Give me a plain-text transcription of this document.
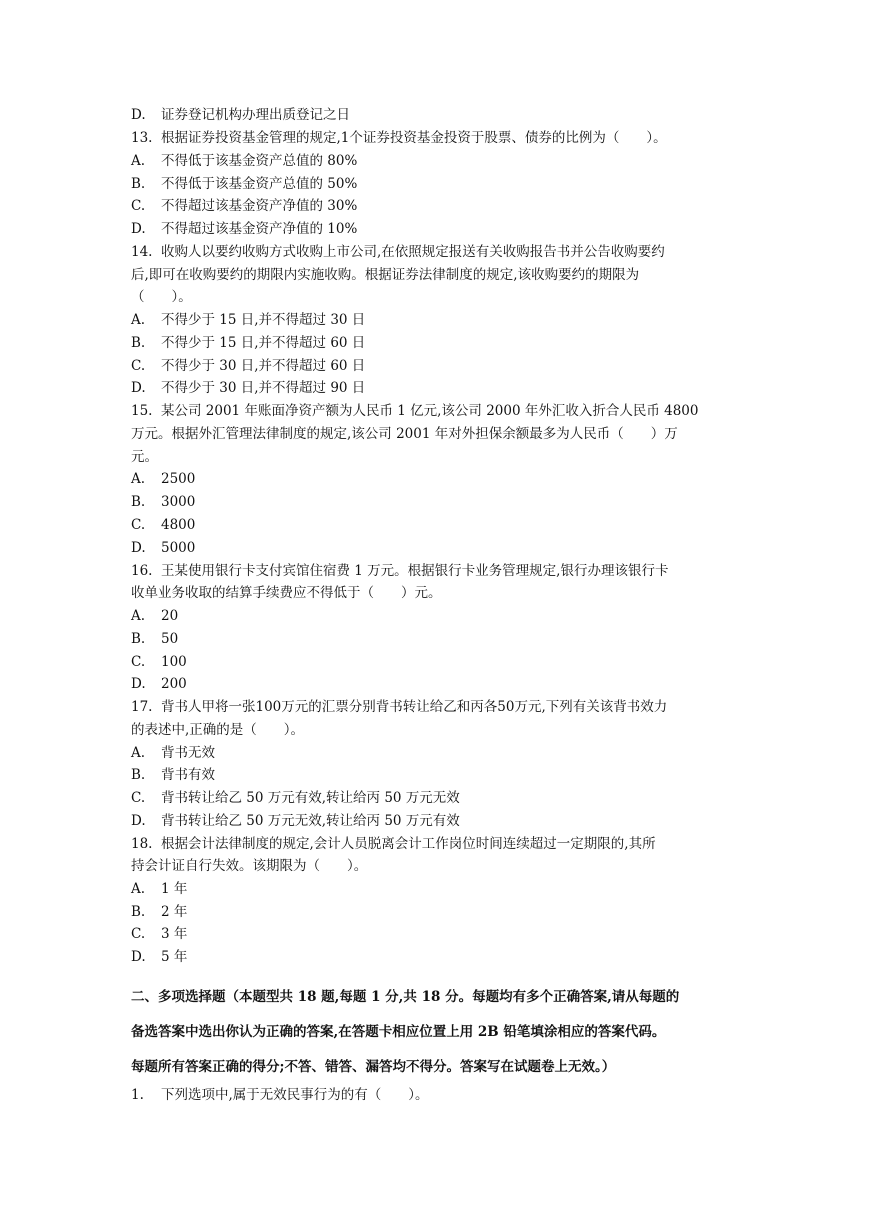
D. 证券登记机构办理出质登记之日
13. 根据证券投资基金管理的规定,1个证券投资基金投资于股票、债券的比例为（　　）。
A. 不得低于该基金资产总值的 80%
B. 不得低于该基金资产总值的 50%
C. 不得超过该基金资产净值的 30%
D. 不得超过该基金资产净值的 10%
14. 收购人以要约收购方式收购上市公司,在依照规定报送有关收购报告书并公告收购要约
后,即可在收购要约的期限内实施收购。根据证券法律制度的规定,该收购要约的期限为
（　　）。
A. 不得少于 15 日,并不得超过 30 日
B. 不得少于 15 日,并不得超过 60 日
C. 不得少于 30 日,并不得超过 60 日
D. 不得少于 30 日,并不得超过 90 日
15. 某公司 2001 年账面净资产额为人民币 1 亿元,该公司 2000 年外汇收入折合人民币 4800
万元。根据外汇管理法律制度的规定,该公司 2001 年对外担保余额最多为人民币（　　）万
元。
A. 2500
B. 3000
C. 4800
D. 5000
16. 王某使用银行卡支付宾馆住宿费 1 万元。根据银行卡业务管理规定,银行办理该银行卡
收单业务收取的结算手续费应不得低于（　　）元。
A. 20
B. 50
C. 100
D. 200
17. 背书人甲将一张100万元的汇票分别背书转让给乙和丙各50万元,下列有关该背书效力
的表述中,正确的是（　　）。
A. 背书无效
B. 背书有效
C. 背书转让给乙 50 万元有效,转让给丙 50 万元无效
D. 背书转让给乙 50 万元无效,转让给丙 50 万元有效
18. 根据会计法律制度的规定,会计人员脱离会计工作岗位时间连续超过一定期限的,其所
持会计证自行失效。该期限为（　　）。
A. 1 年
B. 2 年
C. 3 年
D. 5 年
二、多项选择题（本题型共 18 题,每题 1 分,共 18 分。每题均有多个正确答案,请从每题的
备选答案中选出你认为正确的答案,在答题卡相应位置上用 2B 铅笔填涂相应的答案代码。
每题所有答案正确的得分;不答、错答、漏答均不得分。答案写在试题卷上无效。）
1. 下列选项中,属于无效民事行为的有（　　）。
